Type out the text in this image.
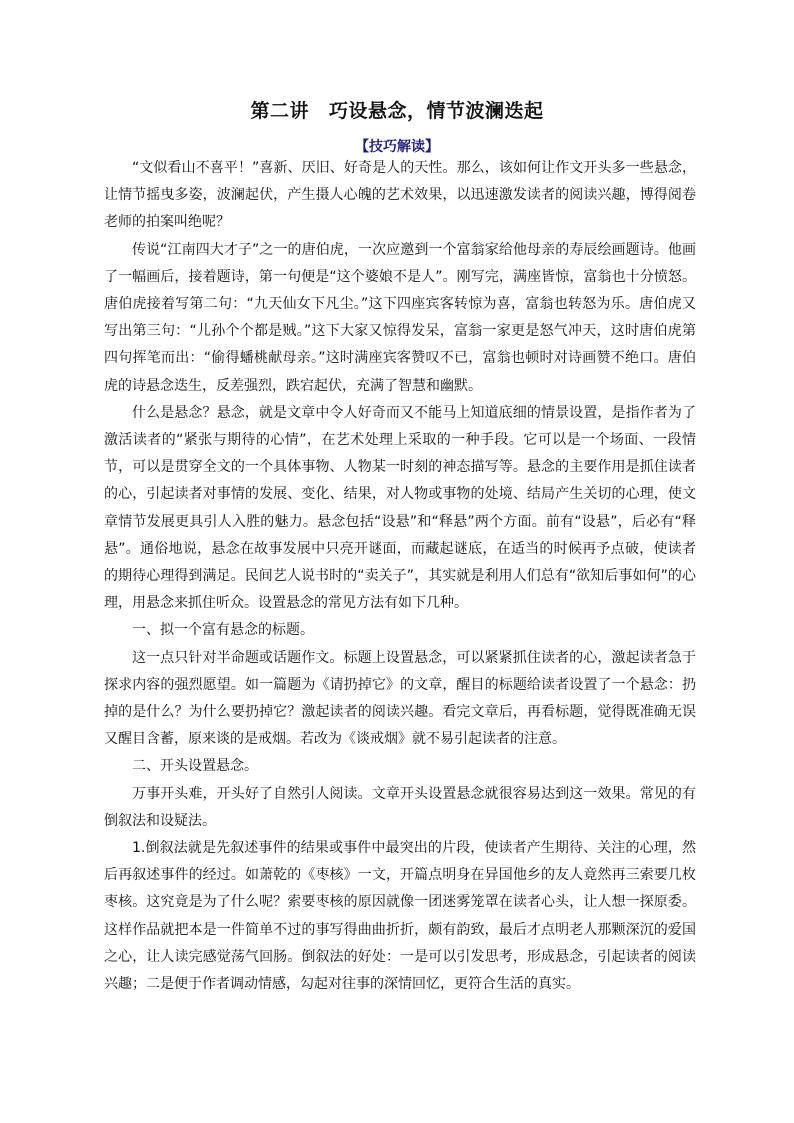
第二讲 巧设悬念，情节波澜迭起
【技巧解读】

“文似看山不喜平！”喜新、厌旧、好奇是人的天性。那么，该如何让作文开头多一些悬念，让情节摇曳多姿，波澜起伏，产生摄人心魄的艺术效果，以迅速激发读者的阅读兴趣，博得阅卷老师的拍案叫绝呢？

传说“江南四大才子”之一的唐伯虎，一次应邀到一个富翁家给他母亲的寿辰绘画题诗。他画了一幅画后，接着题诗，第一句便是“这个婆娘不是人”。刚写完，满座皆惊，富翁也十分愤怒。唐伯虎接着写第二句：“九天仙女下凡尘。”这下四座宾客转惊为喜，富翁也转怒为乐。唐伯虎又写出第三句：“儿孙个个都是贼。”这下大家又惊得发呆，富翁一家更是怒气冲天，这时唐伯虎第四句挥笔而出：“偷得蟠桃献母亲。”这时满座宾客赞叹不已，富翁也顿时对诗画赞不绝口。唐伯虎的诗悬念迭生，反差强烈，跌宕起伏，充满了智慧和幽默。

什么是悬念？悬念，就是文章中令人好奇而又不能马上知道底细的情景设置，是指作者为了激活读者的“紧张与期待的心情”，在艺术处理上采取的一种手段。它可以是一个场面、一段情节，可以是贯穿全文的一个具体事物、人物某一时刻的神态描写等。悬念的主要作用是抓住读者的心，引起读者对事情的发展、变化、结果，对人物或事物的处境、结局产生关切的心理，使文章情节发展更具引人入胜的魅力。悬念包括“设悬”和“释悬”两个方面。前有“设悬”，后必有“释悬”。通俗地说，悬念在故事发展中只亮开谜面，而藏起谜底，在适当的时候再予点破，使读者的期待心理得到满足。民间艺人说书时的“卖关子”，其实就是利用人们总有“欲知后事如何”的心理，用悬念来抓住听众。设置悬念的常见方法有如下几种。

一、拟一个富有悬念的标题。

这一点只针对半命题或话题作文。标题上设置悬念，可以紧紧抓住读者的心，激起读者急于探求内容的强烈愿望。如一篇题为《请扔掉它》的文章，醒目的标题给读者设置了一个悬念：扔掉的是什么？为什么要扔掉它？激起读者的阅读兴趣。看完文章后，再看标题，觉得既准确无误又醒目含蓄，原来谈的是戒烟。若改为《谈戒烟》就不易引起读者的注意。

二、开头设置悬念。

万事开头难，开头好了自然引人阅读。文章开头设置悬念就很容易达到这一效果。常见的有倒叙法和设疑法。

1.倒叙法就是先叙述事件的结果或事件中最突出的片段，使读者产生期待、关注的心理，然后再叙述事件的经过。如萧乾的《枣核》一文，开篇点明身在异国他乡的友人竟然再三索要几枚枣核。这究竟是为了什么呢？索要枣核的原因就像一团迷雾笼罩在读者心头，让人想一探原委。这样作品就把本是一件简单不过的事写得曲曲折折，颇有韵致，最后才点明老人那颗深沉的爱国之心，让人读完感觉荡气回肠。倒叙法的好处：一是可以引发思考，形成悬念，引起读者的阅读兴趣；二是便于作者调动情感，勾起对往事的深情回忆，更符合生活的真实。
